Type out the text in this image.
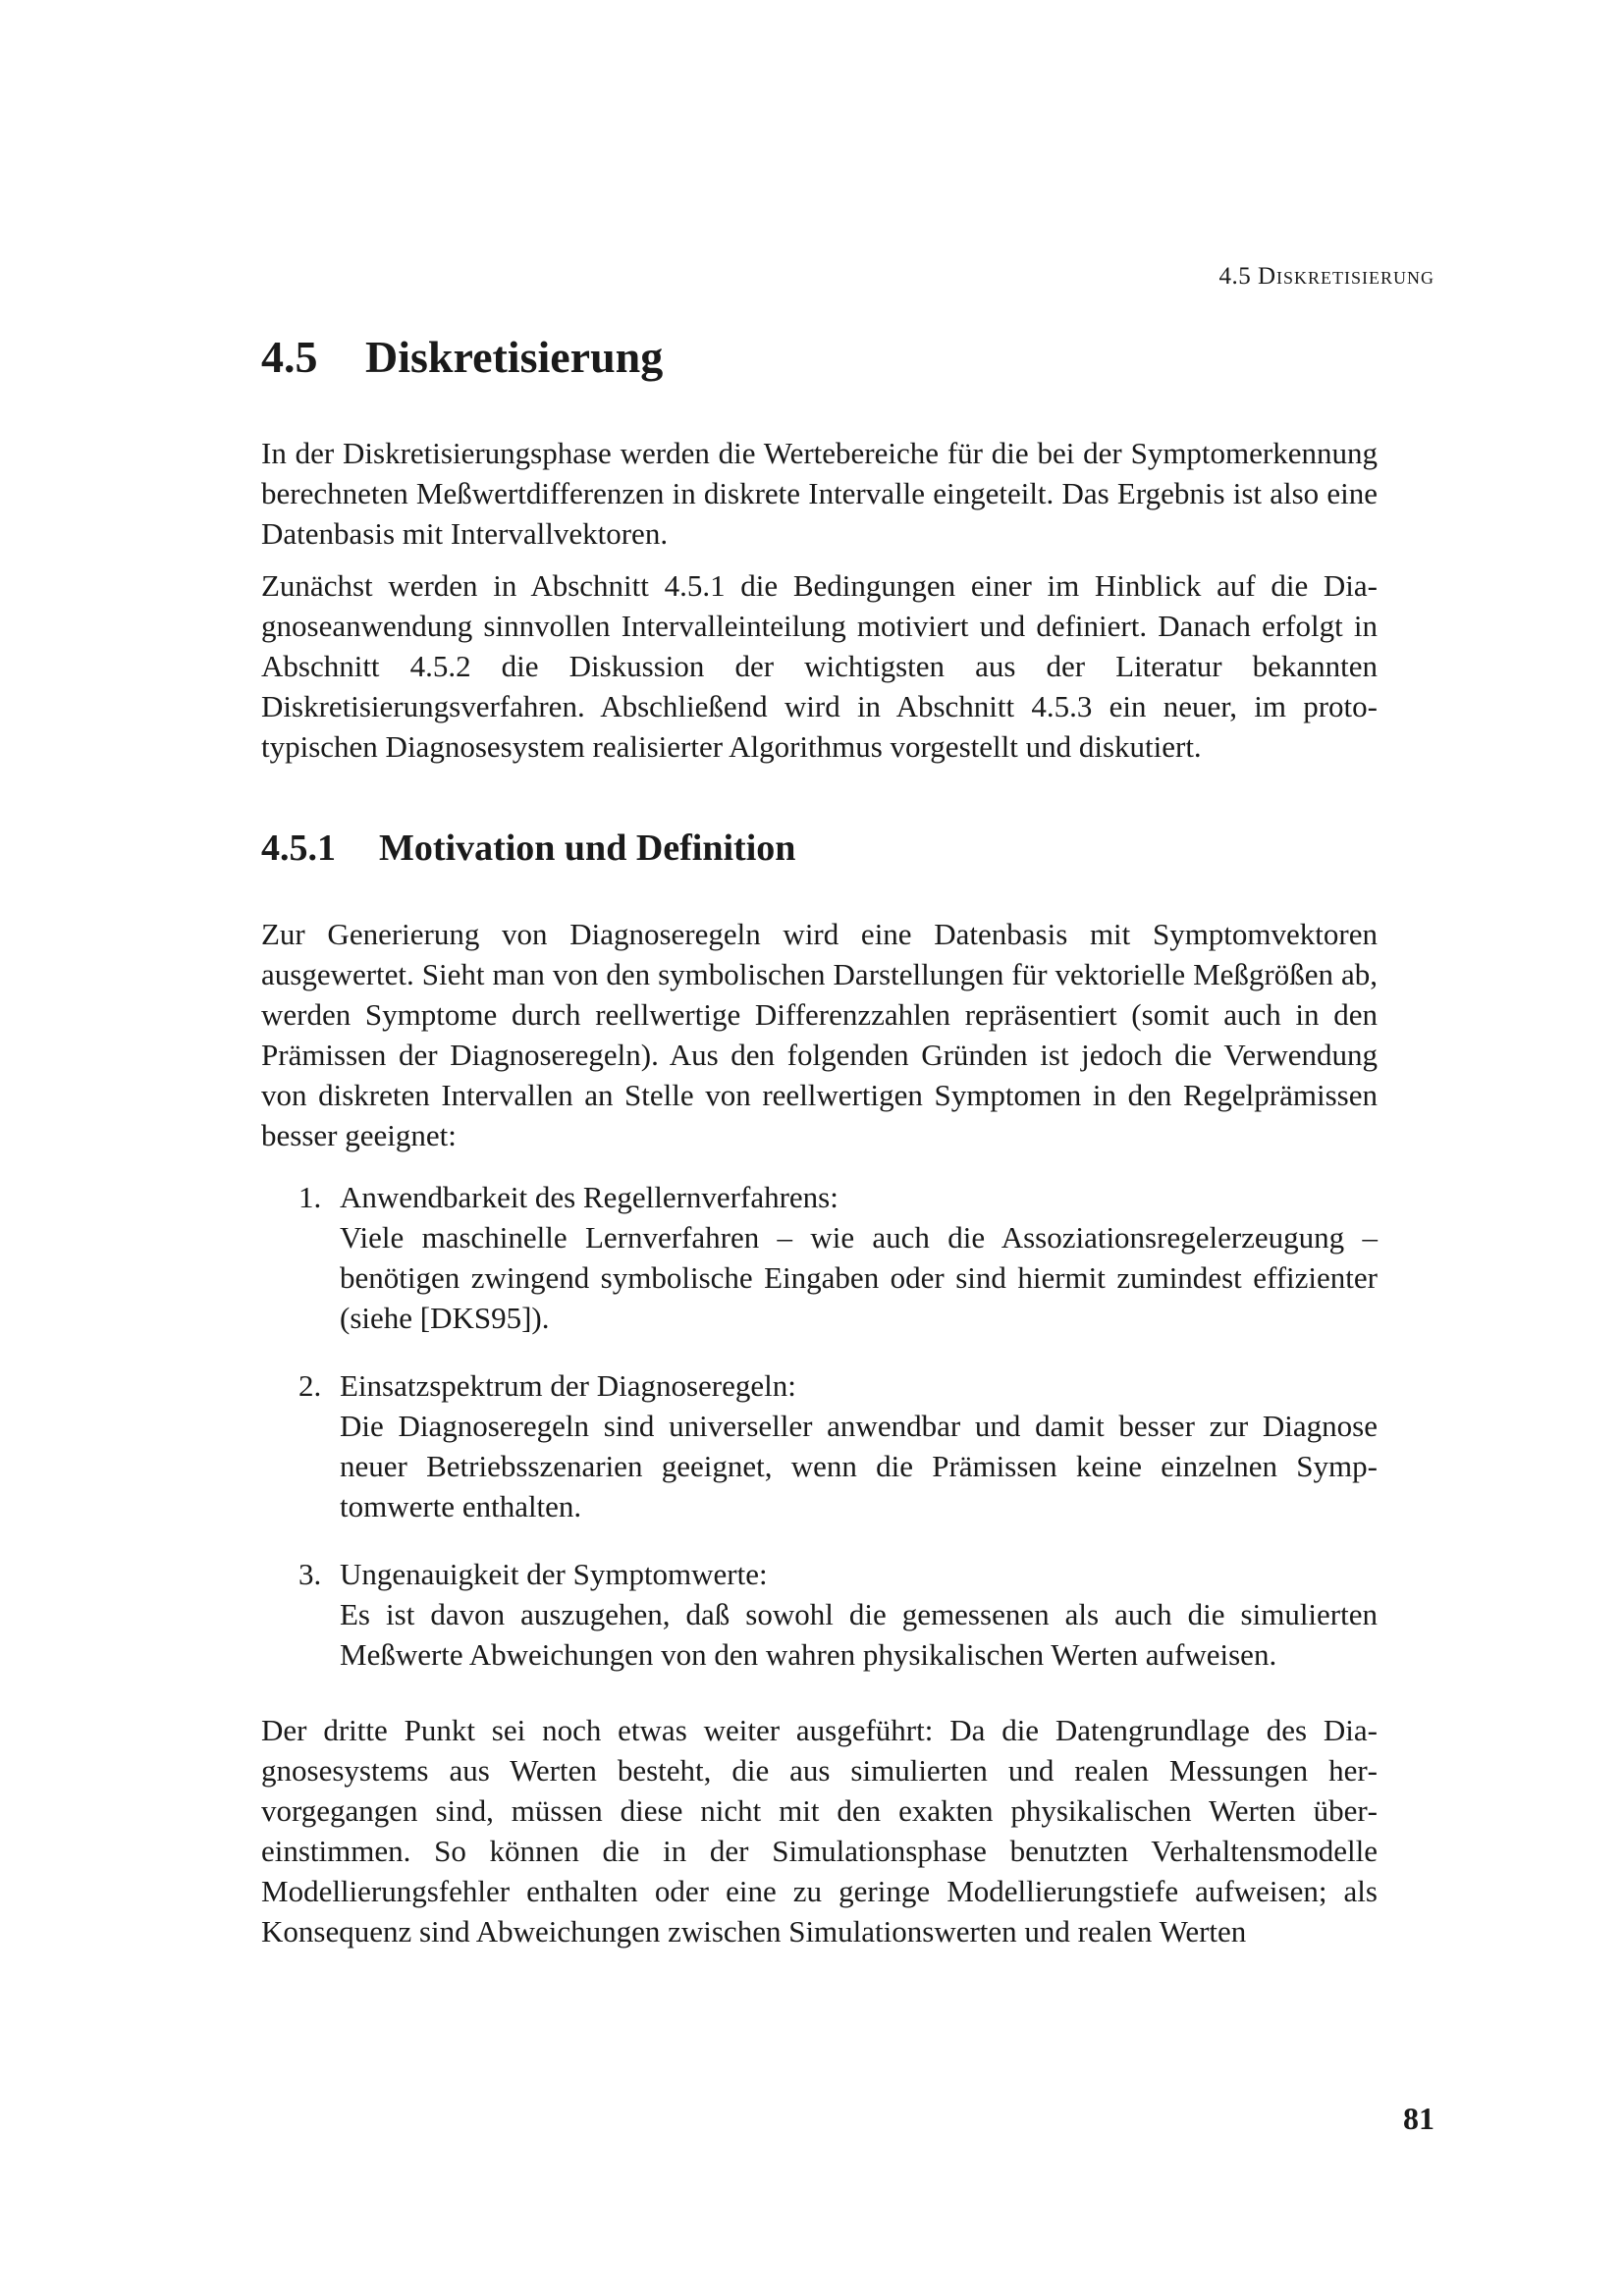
4.5 Diskretisierung
4.5	Diskretisierung

In der Diskretisierungsphase werden die Wertebereiche für die bei der Symptomerkennung berechneten Meßwertdifferenzen in diskrete Intervalle eingeteilt. Das Ergebnis ist also eine Datenbasis mit Intervallvektoren.

Zunächst werden in Abschnitt 4.5.1 die Bedingungen einer im Hinblick auf die Diagnoseanwendung sinnvollen Intervalleinteilung motiviert und definiert. Danach erfolgt in Abschnitt 4.5.2 die Diskussion der wichtigsten aus der Literatur bekannten Diskretisierungsverfahren. Abschließend wird in Abschnitt 4.5.3 ein neuer, im prototypischen Diagnosesystem realisierter Algorithmus vorgestellt und diskutiert.

4.5.1	Motivation und Definition

Zur Generierung von Diagnoseregeln wird eine Datenbasis mit Symptomvektoren ausgewertet. Sieht man von den symbolischen Darstellungen für vektorielle Meßgrößen ab, werden Symptome durch reellwertige Differenzzahlen repräsentiert (somit auch in den Prämissen der Diagnoseregeln). Aus den folgenden Gründen ist jedoch die Verwendung von diskreten Intervallen an Stelle von reellwertigen Symptomen in den Regelprämissen besser geeignet:

1. Anwendbarkeit des Regellernverfahrens:
Viele maschinelle Lernverfahren – wie auch die Assoziationsregelerzeugung – benötigen zwingend symbolische Eingaben oder sind hiermit zumindest effizienter (siehe [DKS95]).
2. Einsatzspektrum der Diagnoseregeln:
Die Diagnoseregeln sind universeller anwendbar und damit besser zur Diagnose neuer Betriebsszenarien geeignet, wenn die Prämissen keine einzelnen Symptomwerte enthalten.
3. Ungenauigkeit der Symptomwerte:
Es ist davon auszugehen, daß sowohl die gemessenen als auch die simulierten Meßwerte Abweichungen von den wahren physikalischen Werten aufweisen.

Der dritte Punkt sei noch etwas weiter ausgeführt: Da die Datengrundlage des Diagnosesystems aus Werten besteht, die aus simulierten und realen Messungen hervorgegangen sind, müssen diese nicht mit den exakten physikalischen Werten übereinstimmen. So können die in der Simulationsphase benutzten Verhaltensmodelle Modellierungsfehler enthalten oder eine zu geringe Modellierungstiefe aufweisen; als Konsequenz sind Abweichungen zwischen Simulationswerten und realen Werten

81
